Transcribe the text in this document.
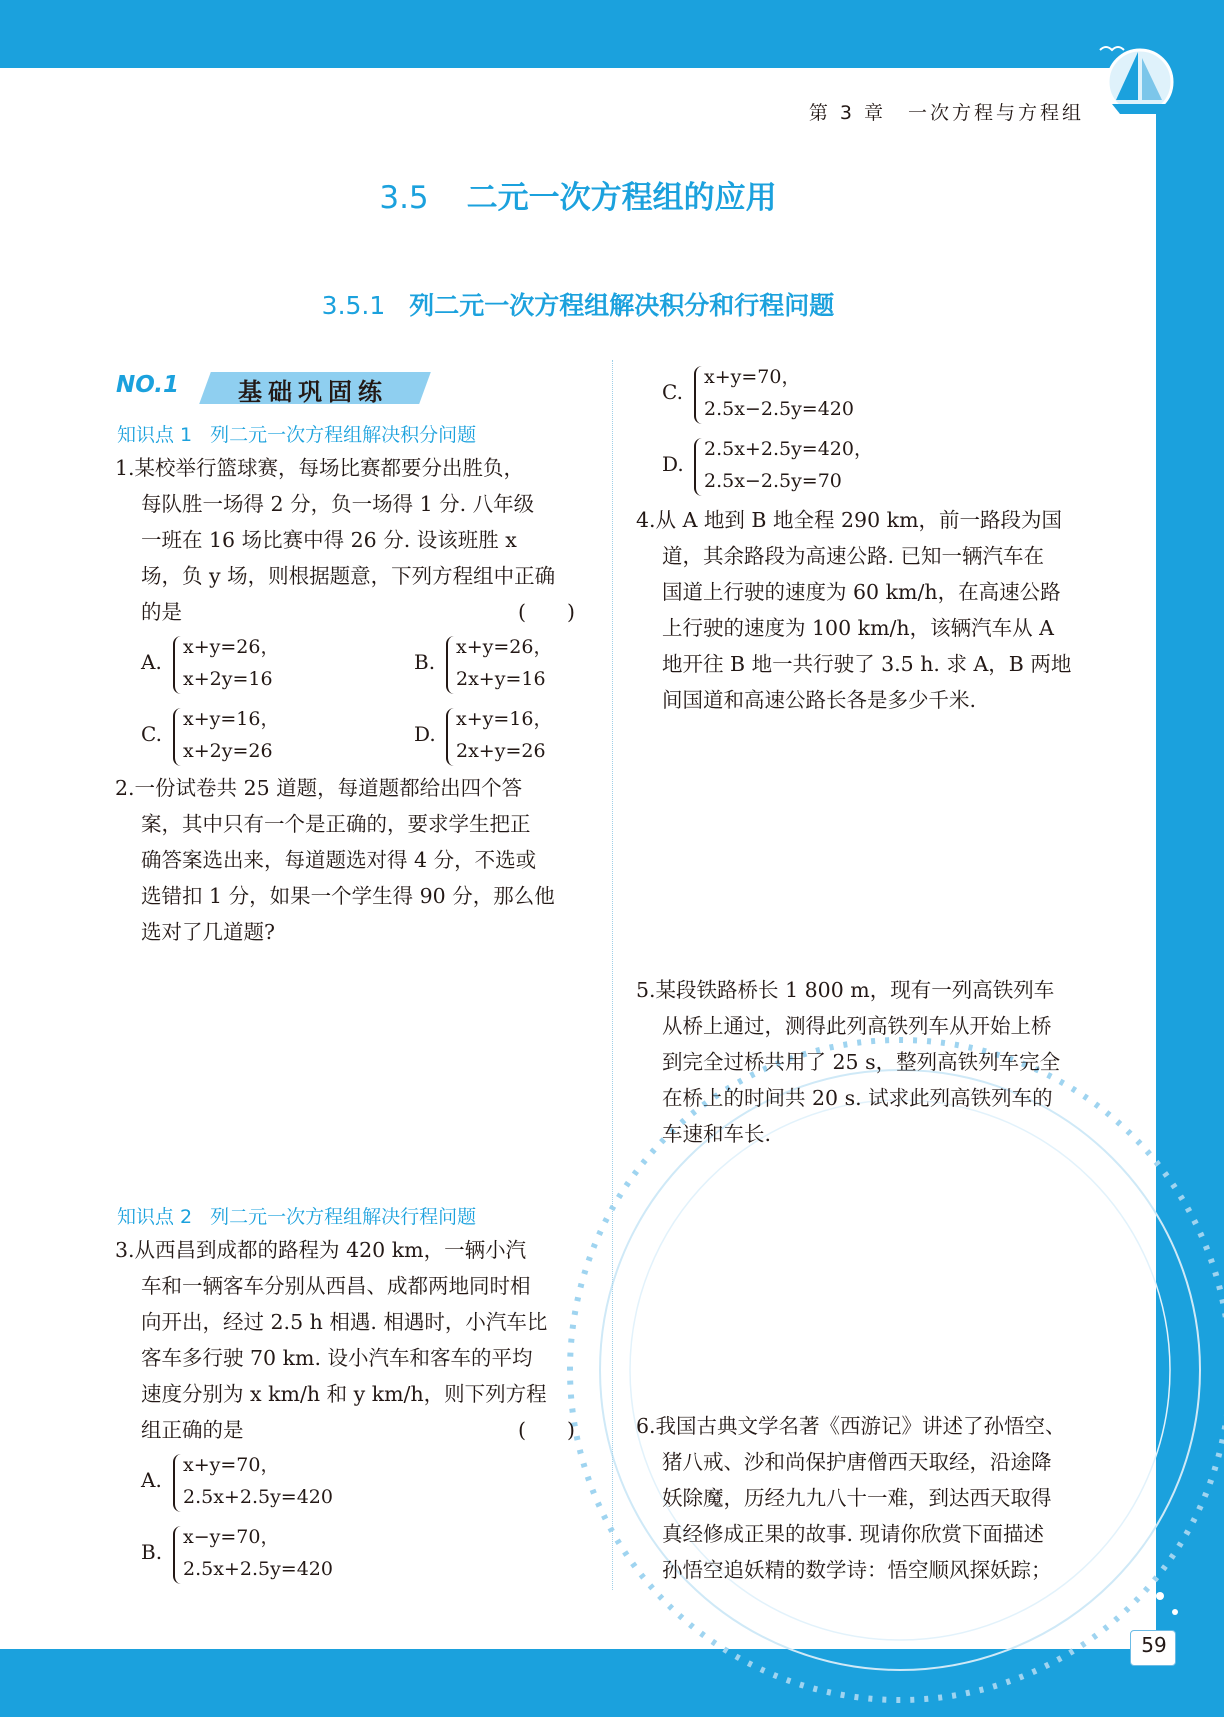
第 3 章　一次方程与方程组
3.5 二元一次方程组的应用
3.5.1 列二元一次方程组解决积分和行程问题
NO.1 基础巩固练
知识点 1 列二元一次方程组解决积分问题
1.某校举行篮球赛，每场比赛都要分出胜负，
每队胜一场得 2 分，负一场得 1 分. 八年级
一班在 16 场比赛中得 26 分. 设该班胜 x
场，负 y 场，则根据题意，下列方程组中正确
的是	(　　)
A.
x+y=26，
x+2y=16
B.
x+y=26，
2x+y=16
C.
x+y=16，
x+2y=26
D.
x+y=16，
2x+y=26
2.一份试卷共 25 道题，每道题都给出四个答
案，其中只有一个是正确的，要求学生把正
确答案选出来，每道题选对得 4 分，不选或
选错扣 1 分，如果一个学生得 90 分，那么他
选对了几道题?
知识点 2 列二元一次方程组解决行程问题
3.从西昌到成都的路程为 420 km，一辆小汽
车和一辆客车分别从西昌、成都两地同时相
向开出，经过 2.5 h 相遇. 相遇时，小汽车比
客车多行驶 70 km. 设小汽车和客车的平均
速度分别为 x km/h 和 y km/h，则下列方程
组正确的是	(　　)
A.
x+y=70，
2.5x+2.5y=420
B.
x−y=70，
2.5x+2.5y=420
C.
x+y=70，
2.5x−2.5y=420
D.
2.5x+2.5y=420，
2.5x−2.5y=70
4.从 A 地到 B 地全程 290 km，前一路段为国
道，其余路段为高速公路. 已知一辆汽车在
国道上行驶的速度为 60 km/h，在高速公路
上行驶的速度为 100 km/h，该辆汽车从 A
地开往 B 地一共行驶了 3.5 h. 求 A，B 两地
间国道和高速公路长各是多少千米.
5.某段铁路桥长 1 800 m，现有一列高铁列车
从桥上通过，测得此列高铁列车从开始上桥
到完全过桥共用了 25 s，整列高铁列车完全
在桥上的时间共 20 s. 试求此列高铁列车的
车速和车长.
6.我国古典文学名著《西游记》讲述了孙悟空、
猪八戒、沙和尚保护唐僧西天取经，沿途降
妖除魔，历经九九八十一难，到达西天取得
真经修成正果的故事. 现请你欣赏下面描述
孙悟空追妖精的数学诗：悟空顺风探妖踪；
59
